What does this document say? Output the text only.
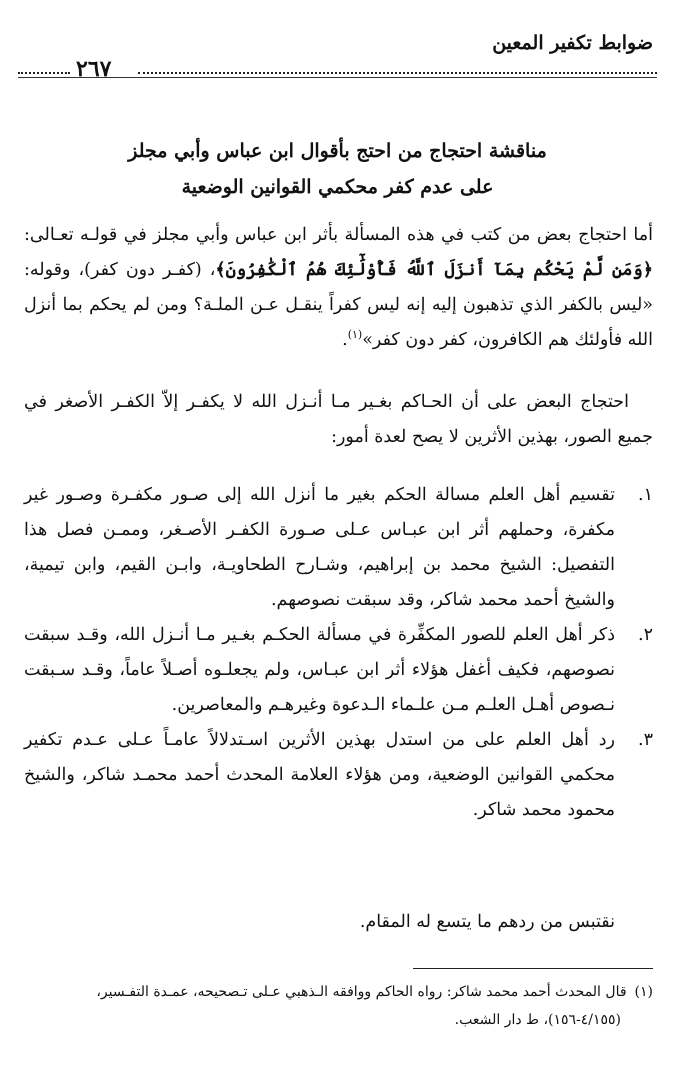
ضوابط تكفير المعين
٢٦٧
مناقشة احتجاج من احتج بأقوال ابن عباس وأبي مجلز
على عدم كفر محكمي القوانين الوضعية
أما احتجاج بعض من كتب في هذه المسألة بأثر ابن عباس وأبي مجلز في قولـه تعـالى: ﴿وَمَن لَّمْ يَحْكُم بِمَآ أَنزَلَ ٱللَّهُ فَأُوْلَٰٓئِكَ هُمُ ٱلْكَٰفِرُونَ﴾، (كفـر دون كفر)، وقوله: «ليس بالكفر الذي تذهبون إليه إنه ليس كفراً ينقـل عـن الملـة؟ ومن لم يحكم بما أنزل الله فأولئك هم الكافرون، كفر دون كفر»$^{(١)}$.
احتجاج البعض على أن الحـاكم بغـير مـا أنـزل الله لا يكفـر إلاّ الكفـر الأصغر في جميع الصور، بهذين الأثرين لا يصح لعدة أمور:
١.
تقسيم أهل العلم مسالة الحكم بغير ما أنزل الله إلى صـور مكفـرة وصـور غير مكفرة، وحملهم أثر ابن عبـاس عـلى صـورة الكفـر الأصـغر، وممـن فصل هذا التفصيل: الشيخ محمد بن إبراهيم، وشـارح الطحاويـة، وابـن القيم، وابن تيمية، والشيخ أحمد محمد شاكر، وقد سبقت نصوصهم.
٢.
ذكر أهل العلم للصور المكفِّرة في مسألة الحكـم بغـير مـا أنـزل الله، وقـد سبقت نصوصهم، فكيف أغفل هؤلاء أثر ابن عبـاس، ولم يجعلـوه أصـلاً عاماً، وقـد سـبقت نـصوص أهـل العلـم مـن علـماء الـدعوة وغيرهـم والمعاصرين.
٣.
رد أهل العلم على من استدل بهذين الأثرين اسـتدلالاً عامـاً عـلى عـدم تكفير محكمي القوانين الوضعية، ومن هؤلاء العلامة المحدث أحمد محمـد شاكر، والشيخ محمود محمد شاكر.
نقتبس من ردهم ما يتسع له المقام.
(١)قال المحدث أحمد محمد شاكر: رواه الحاكم ووافقه الـذهبي عـلى تـصحيحه، عمـدة التفـسير،
(٤/١٥٥-١٥٦)، ط دار الشعب.
